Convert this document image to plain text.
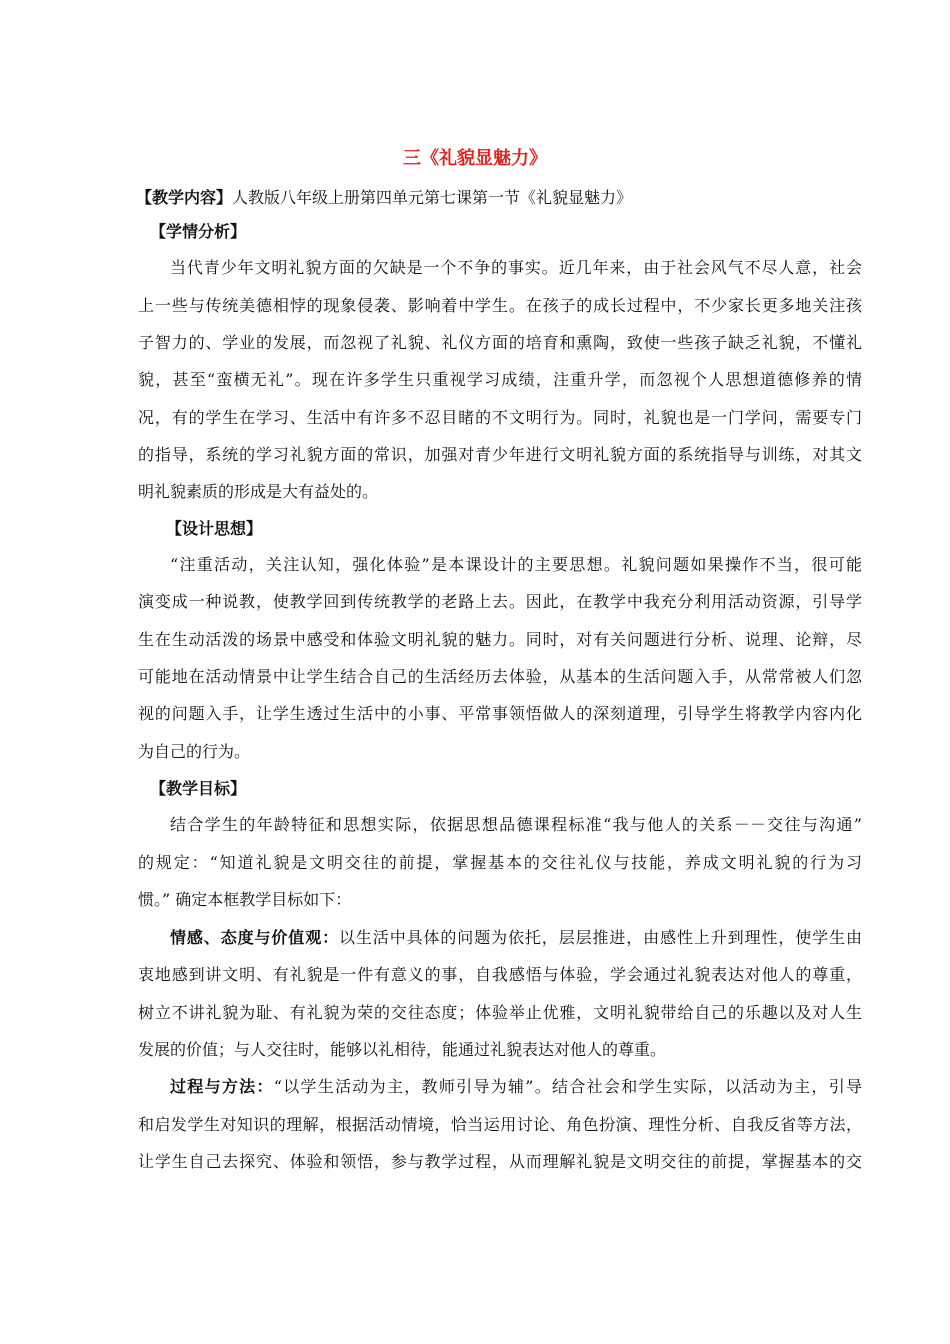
三《礼貌显魅力》
【教学内容】人教版八年级上册第四单元第七课第一节《礼貌显魅力》
【学情分析】
当代青少年文明礼貌方面的欠缺是一个不争的事实。近几年来，由于社会风气不尽人意，社会
上一些与传统美德相悖的现象侵袭、影响着中学生。在孩子的成长过程中，不少家长更多地关注孩
子智力的、学业的发展，而忽视了礼貌、礼仪方面的培育和熏陶，致使一些孩子缺乏礼貌，不懂礼
貌，甚至“蛮横无礼”。现在许多学生只重视学习成绩，注重升学，而忽视个人思想道德修养的情
况，有的学生在学习、生活中有许多不忍目睹的不文明行为。同时，礼貌也是一门学问，需要专门
的指导，系统的学习礼貌方面的常识，加强对青少年进行文明礼貌方面的系统指导与训练，对其文
明礼貌素质的形成是大有益处的。
【设计思想】
“注重活动，关注认知，强化体验”是本课设计的主要思想。礼貌问题如果操作不当，很可能
演变成一种说教，使教学回到传统教学的老路上去。因此，在教学中我充分利用活动资源，引导学
生在生动活泼的场景中感受和体验文明礼貌的魅力。同时，对有关问题进行分析、说理、论辩，尽
可能地在活动情景中让学生结合自己的生活经历去体验，从基本的生活问题入手，从常常被人们忽
视的问题入手，让学生透过生活中的小事、平常事领悟做人的深刻道理，引导学生将教学内容内化
为自己的行为。
【教学目标】
结合学生的年龄特征和思想实际，依据思想品德课程标准“我与他人的关系－－交往与沟通”
的规定：“知道礼貌是文明交往的前提，掌握基本的交往礼仪与技能，养成文明礼貌的行为习
惯。” 确定本框教学目标如下：
情感、态度与价值观：以生活中具体的问题为依托，层层推进，由感性上升到理性，使学生由
衷地感到讲文明、有礼貌是一件有意义的事，自我感悟与体验，学会通过礼貌表达对他人的尊重，
树立不讲礼貌为耻、有礼貌为荣的交往态度；体验举止优雅，文明礼貌带给自己的乐趣以及对人生
发展的价值；与人交往时，能够以礼相待，能通过礼貌表达对他人的尊重。
过程与方法：“以学生活动为主，教师引导为辅”。结合社会和学生实际，以活动为主，引导
和启发学生对知识的理解，根据活动情境，恰当运用讨论、角色扮演、理性分析、自我反省等方法，
让学生自己去探究、体验和领悟，参与教学过程，从而理解礼貌是文明交往的前提，掌握基本的交
